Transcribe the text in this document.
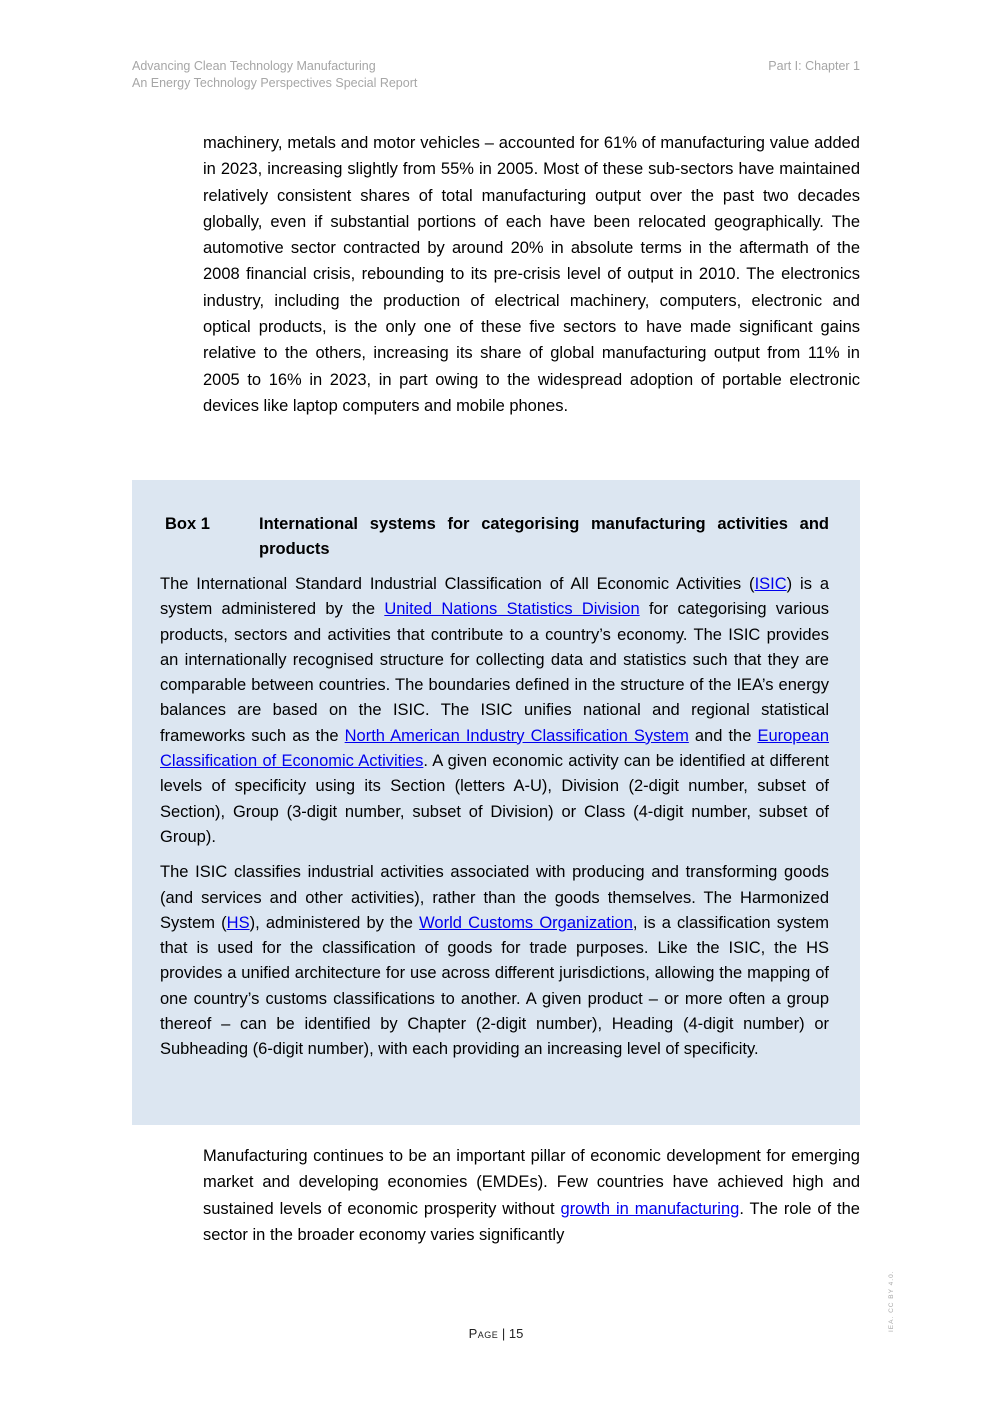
Advancing Clean Technology Manufacturing
An Energy Technology Perspectives Special Report
Part I: Chapter 1
machinery, metals and motor vehicles – accounted for 61% of manufacturing value added in 2023, increasing slightly from 55% in 2005. Most of these sub-sectors have maintained relatively consistent shares of total manufacturing output over the past two decades globally, even if substantial portions of each have been relocated geographically. The automotive sector contracted by around 20% in absolute terms in the aftermath of the 2008 financial crisis, rebounding to its pre-crisis level of output in 2010. The electronics industry, including the production of electrical machinery, computers, electronic and optical products, is the only one of these five sectors to have made significant gains relative to the others, increasing its share of global manufacturing output from 11% in 2005 to 16% in 2023, in part owing to the widespread adoption of portable electronic devices like laptop computers and mobile phones.
Box 1	International systems for categorising manufacturing activities and products

The International Standard Industrial Classification of All Economic Activities (ISIC) is a system administered by the United Nations Statistics Division for categorising various products, sectors and activities that contribute to a country’s economy. The ISIC provides an internationally recognised structure for collecting data and statistics such that they are comparable between countries. The boundaries defined in the structure of the IEA’s energy balances are based on the ISIC. The ISIC unifies national and regional statistical frameworks such as the North American Industry Classification System and the European Classification of Economic Activities. A given economic activity can be identified at different levels of specificity using its Section (letters A-U), Division (2-digit number, subset of Section), Group (3-digit number, subset of Division) or Class (4-digit number, subset of Group).

The ISIC classifies industrial activities associated with producing and transforming goods (and services and other activities), rather than the goods themselves. The Harmonized System (HS), administered by the World Customs Organization, is a classification system that is used for the classification of goods for trade purposes. Like the ISIC, the HS provides a unified architecture for use across different jurisdictions, allowing the mapping of one country’s customs classifications to another. A given product – or more often a group thereof – can be identified by Chapter (2-digit number), Heading (4-digit number) or Subheading (6-digit number), with each providing an increasing level of specificity.

Manufacturing continues to be an important pillar of economic development for emerging market and developing economies (EMDEs). Few countries have achieved high and sustained levels of economic prosperity without growth in manufacturing. The role of the sector in the broader economy varies significantly
Page | 15
IEA. CC BY 4.0.
